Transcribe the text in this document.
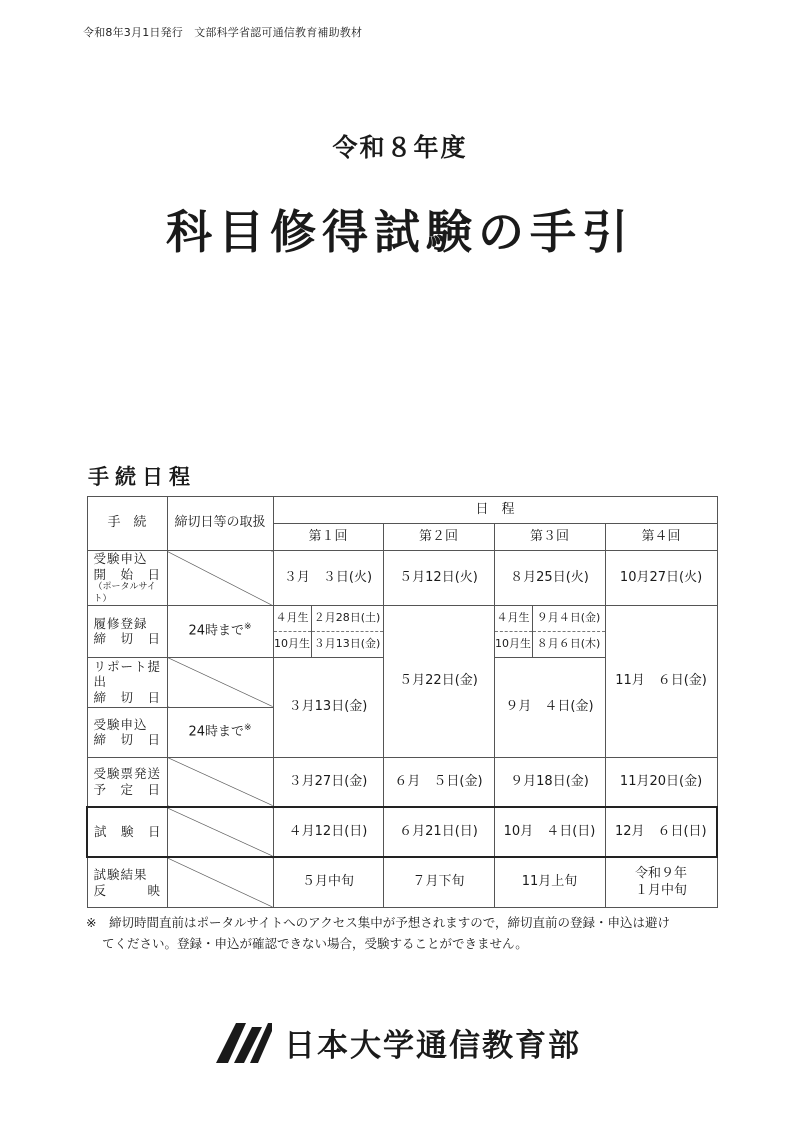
令和8年3月1日発行　文部科学省認可通信教育補助教材
令和８年度
科目修得試験の手引
手続日程
手　続	締切日等の取扱	日　程					
		第１回		第２回	第３回		第４回
受験申込
開　始　日
（ポータルサイト）		３月　３日(火)		５月12日(火)	８月25日(火)		10月27日(火)
履修登録
締　切　日	24時まで※	４月生	２月28日(土)	５月22日(金)	４月生	９月４日(金)	11月　６日(金)
		10月生	３月13日(金)		10月生	８月６日(木)	
リポート提出
締　切　日		３月13日(金)			９月　４日(金)		
受験申込
締　切　日	24時まで※

受験票発送
予　定　日		３月27日(金)		６月　５日(金)	９月18日(金)		11月20日(金)
試　験　日		４月12日(日)		６月21日(日)	10月　４日(日)		12月　６日(日)
試験結果
反　　　映		５月中旬		７月下旬	11月上旬		令和９年
１月中旬
※　 締切時間直前はポータルサイトへのアクセス集中が予想されますので，締切直前の登録・申込は避け
てください。登録・申込が確認できない場合，受験することができません。
日本大学通信教育部
